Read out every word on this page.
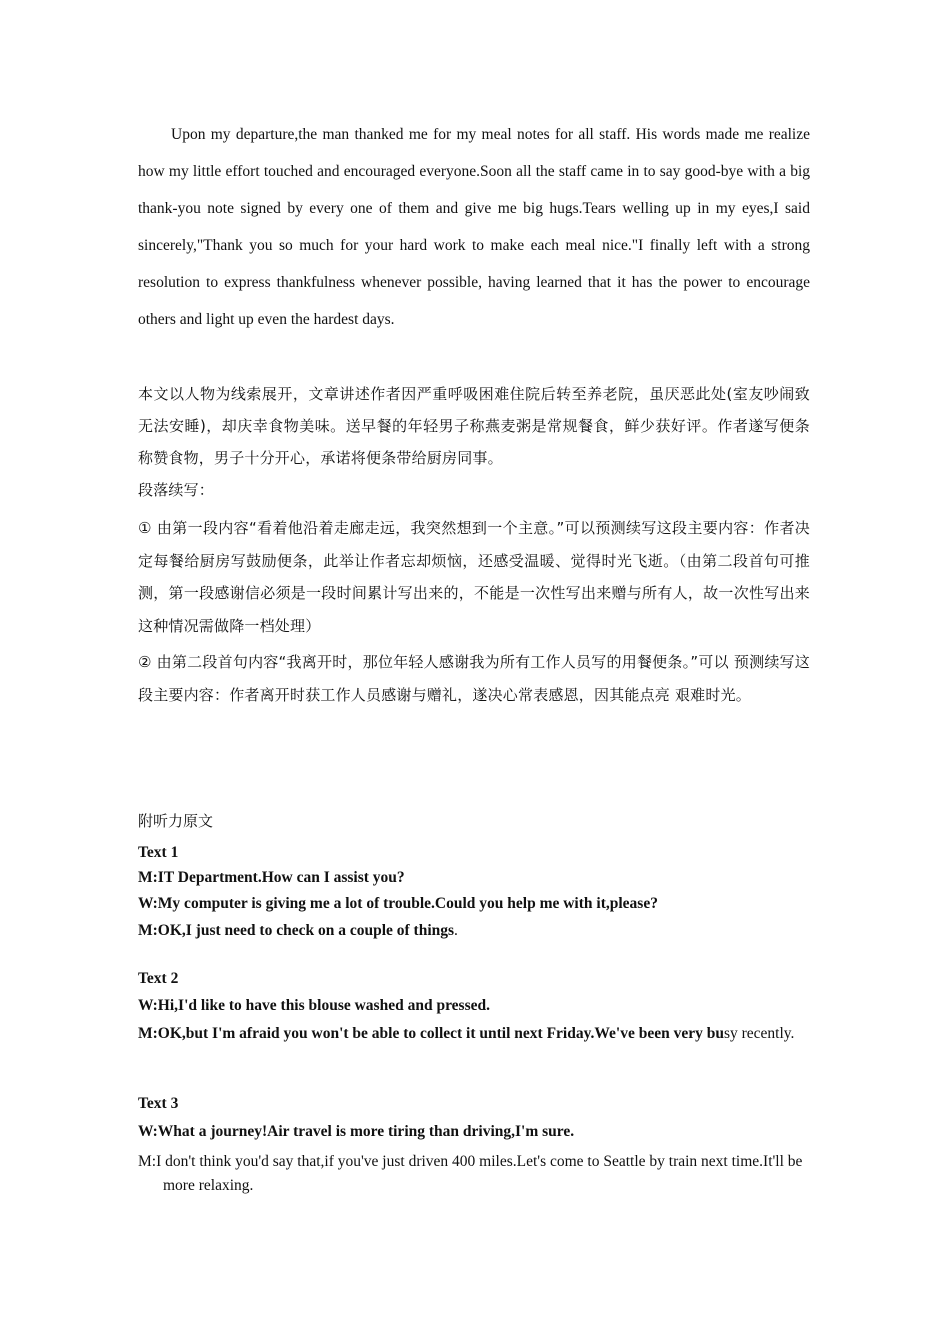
Upon my departure,the man thanked me for my meal notes for all staff. His words made me realize how my little effort touched and encouraged everyone.Soon all the staff came in to say good-bye with a big thank-you note signed by every one of them and give me big hugs.Tears welling up in my eyes,I said sincerely,"Thank you so much for your hard work to make each meal nice."I finally left with a strong resolution to express thankfulness whenever possible, having learned that it has the power to encourage others and light up even the hardest days.

本文以人物为线索展开，文章讲述作者因严重呼吸困难住院后转至养老院，虽厌恶此处(室友吵闹致无法安睡)，却庆幸食物美味。送早餐的年轻男子称燕麦粥是常规餐食，鲜少获好评。作者遂写便条称赞食物，男子十分开心，承诺将便条带给厨房同事。

段落续写：

① 由第一段内容“看着他沿着走廊走远，我突然想到一个主意。”可以预测续写这段主要内容：作者决定每餐给厨房写鼓励便条，此举让作者忘却烦恼，还感受温暖、觉得时光飞逝。（由第二段首句可推测，第一段感谢信必须是一段时间累计写出来的，不能是一次性写出来赠与所有人，故一次性写出来这种情况需做降一档处理）

② 由第二段首句内容“我离开时，那位年轻人感谢我为所有工作人员写的用餐便条。”可以 预测续写这段主要内容：作者离开时获工作人员感谢与赠礼，遂决心常表感恩，因其能点亮 艰难时光。

附听力原文
Text 1
M:IT Department.How can I assist you?
W:My computer is giving me a lot of trouble.Could you help me with it,please?
M:OK,I just need to check on a couple of things.
Text 2
W:Hi,I'd like to have this blouse washed and pressed.
M:OK,but I'm afraid you won't be able to collect it until next Friday.We've been very busy recently.
Text 3
W:What a journey!Air travel is more tiring than driving,I'm sure.
M:I don't think you'd say that,if you've just driven 400 miles.Let's come to Seattle by train next time.It'll be more relaxing.
